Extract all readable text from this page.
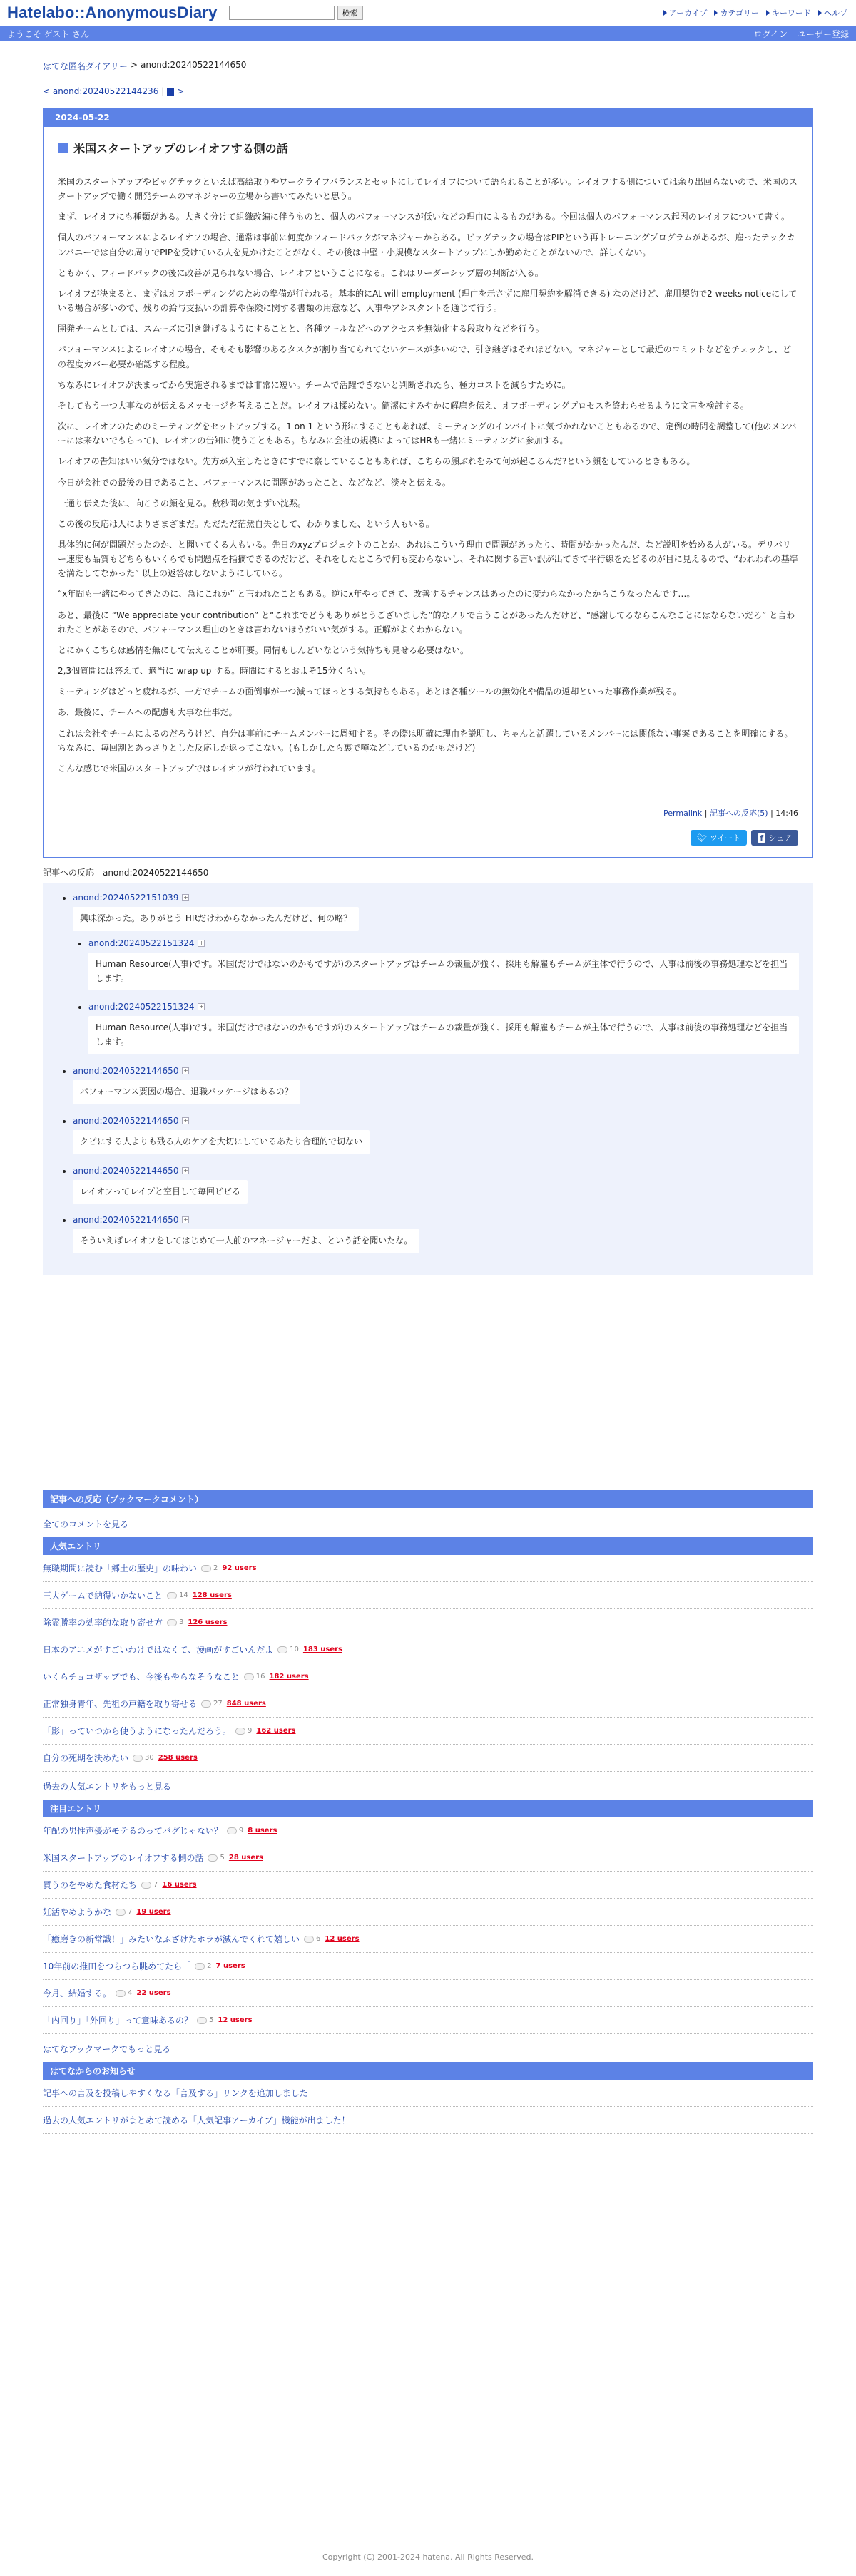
Hatelabo::AnonymousDiary	検索	アーカイブ カテゴリー キーワード ヘルプ
ようこそ ゲスト さん	ログイン ユーザー登録
はてな匿名ダイアリー > anond:20240522144650
< anond:20240522144236 |	>
2024-05-22
米国スタートアップのレイオフする側の話

米国のスタートアップやビッグテックといえば高給取りやワークライフバランスとセットにしてレイオフについて語られることが多い。レイオフする側については余り出回らないので、米国のスタートアップで働く開発チームのマネジャーの立場から書いてみたいと思う。

まず、レイオフにも種類がある。大きく分けて組織改編に伴うものと、個人のパフォーマンスが低いなどの理由によるものがある。今回は個人のパフォーマンス起因のレイオフについて書く。

個人のパフォーマンスによるレイオフの場合、通常は事前に何度かフィードバックがマネジャーからある。ビッグテックの場合はPIPという再トレーニングプログラムがあるが、雇ったテックカンパニーでは自分の周りでPIPを受けている人を見かけたことがなく、その後は中堅・小規模なスタートアップにしか勤めたことがないので、詳しくない。

ともかく、フィードバックの後に改善が見られない場合、レイオフということになる。これはリーダーシップ層の判断が入る。

レイオフが決まると、まずはオフボーディングのための準備が行われる。基本的にAt will employment (理由を示さずに雇用契約を解消できる) なのだけど、雇用契約で2 weeks noticeにしている場合が多いので、残りの給与支払いの計算や保険に関する書類の用意など、人事やアシスタントを通じて行う。

開発チームとしては、スムーズに引き継げるようにすることと、各種ツールなどへのアクセスを無効化する段取りなどを行う。

パフォーマンスによるレイオフの場合、そもそも影響のあるタスクが割り当てられてないケースが多いので、引き継ぎはそれほどない。マネジャーとして最近のコミットなどをチェックし、どの程度カバー必要か確認する程度。

ちなみにレイオフが決まってから実施されるまでは非常に短い。チームで活躍できないと判断されたら、極力コストを減らすために。

そしてもう一つ大事なのが伝えるメッセージを考えることだ。レイオフは揉めない。簡潔にすみやかに解雇を伝え、オフボーディングプロセスを終わらせるように文言を検討する。

次に、レイオフのためのミーティングをセットアップする。1 on 1 という形にすることもあれば、ミーティングのインバイトに気づかれないこともあるので、定例の時間を調整して(他のメンバーには来ないでもらって)、レイオフの告知に使うこともある。ちなみに会社の規模によってはHRも一緒にミーティングに参加する。

レイオフの告知はいい気分ではない。先方が入室したときにすでに察していることもあれば、こちらの顔ぶれをみて何が起こるんだ?という顔をしているときもある。

今日が会社での最後の日であること、パフォーマンスに問題があったこと、などなど、淡々と伝える。

一通り伝えた後に、向こうの顔を見る。数秒間の気まずい沈黙。

この後の反応は人によりさまざまだ。ただただ茫然自失として、わかりました、という人もいる。

具体的に何が問題だったのか、と聞いてくる人もいる。先日のxyzプロジェクトのことか、あれはこういう理由で問題があったり、時間がかかったんだ、など説明を始める人がいる。デリバリー速度も品質もどちらもいくらでも問題点を指摘できるのだけど、それをしたところで何も変わらないし、それに関する言い訳が出てきて平行線をたどるのが目に見えるので、“われわれの基準を満たしてなかった” 以上の返答はしないようにしている。

“x年間も一緒にやってきたのに、急にこれか” と言われたこともある。逆にx年やってきて、改善するチャンスはあったのに変わらなかったからこうなったんです…。

あと、最後に “We appreciate your contribution” と“これまでどうもありがとうございました”的なノリで言うことがあったんだけど、“感謝してるならこんなことにはならないだろ” と言われたことがあるので、パフォーマンス理由のときは言わないほうがいい気がする。正解がよくわからない。

とにかくこちらは感情を無にして伝えることが肝要。同情もしんどいなという気持ちも見せる必要はない。

2,3個質問には答えて、適当に wrap up する。時間にするとおよそ15分くらい。

ミーティングはどっと疲れるが、一方でチームの面倒事が一つ減ってほっとする気持ちもある。あとは各種ツールの無効化や備品の返却といった事務作業が残る。

あ、最後に、チームへの配慮も大事な仕事だ。

これは会社やチームによるのだろうけど、自分は事前にチームメンバーに周知する。その際は明確に理由を説明し、ちゃんと活躍しているメンバーには関係ない事案であることを明確にする。ちなみに、毎回割とあっさりとした反応しか返ってこない。(もしかしたら裏で噂などしているのかもだけど)

こんな感じで米国のスタートアップではレイオフが行われています。

Permalink | 記事への反応(5) | 14:46
🐦︎ ツイート f シェア
記事への反応 - anond:20240522144650
• anond:20240522151039 +
興味深かった。ありがとう HRだけわからなかったんだけど、何の略？
• anond:20240522151324 +
Human Resource(人事)です。米国(だけではないのかもですが)のスタートアップはチームの裁量が強く、採用も解雇もチームが主体で行うので、人事は前後の事務処理などを担当します。
• anond:20240522151324 +
Human Resource(人事)です。米国(だけではないのかもですが)のスタートアップはチームの裁量が強く、採用も解雇もチームが主体で行うので、人事は前後の事務処理などを担当します。
• anond:20240522144650 +
パフォーマンス要因の場合、退職パッケージはあるの？
• anond:20240522144650 +
クビにする人よりも残る人のケアを大切にしているあたり合理的で切ない
• anond:20240522144650 +
レイオフってレイプと空目して毎回ビビる
• anond:20240522144650 +
そういえばレイオフをしてはじめて一人前のマネージャーだよ、という話を聞いたな。
記事への反応（ブックマークコメント）
全てのコメントを見る
人気エントリ
無職期間に読む「郷土の歴史」の味わい 2 92 users
三大ゲームで納得いかないこと 14 128 users
除霊勝率の効率的な取り寄せ方 3 126 users
日本のアニメがすごいわけではなくて、漫画がすごいんだよ 10 183 users
いくらチョコザップでも、今後もやらなそうなこと 16 182 users
正常独身青年、先祖の戸籍を取り寄せる 27 848 users
「影」っていつから使うようになったんだろう。 9 162 users
自分の死期を決めたい 30 258 users
過去の人気エントリをもっと見る
注目エントリ
年配の男性声優がモテるのってバグじゃない？ 9 8 users
米国スタートアップのレイオフする側の話 5 28 users
買うのをやめた食材たち 7 16 users
妊活やめようかな 7 19 users
「癒磨きの新常識！」みたいなふざけたホラが滅んでくれて嬉しい 6 12 users
10年前の推田をつらつら眺めてたら「 2 7 users
今月、結婚する。 4 22 users
「内回り」「外回り」って意味あるの？ 5 12 users
はてなブックマークでもっと見る
はてなからのお知らせ
記事への言及を投稿しやすくなる「言及する」リンクを追加しました
過去の人気エントリがまとめて読める「人気記事アーカイブ」機能が出ました！
Copyright (C) 2001-2024 hatena. All Rights Reserved.
